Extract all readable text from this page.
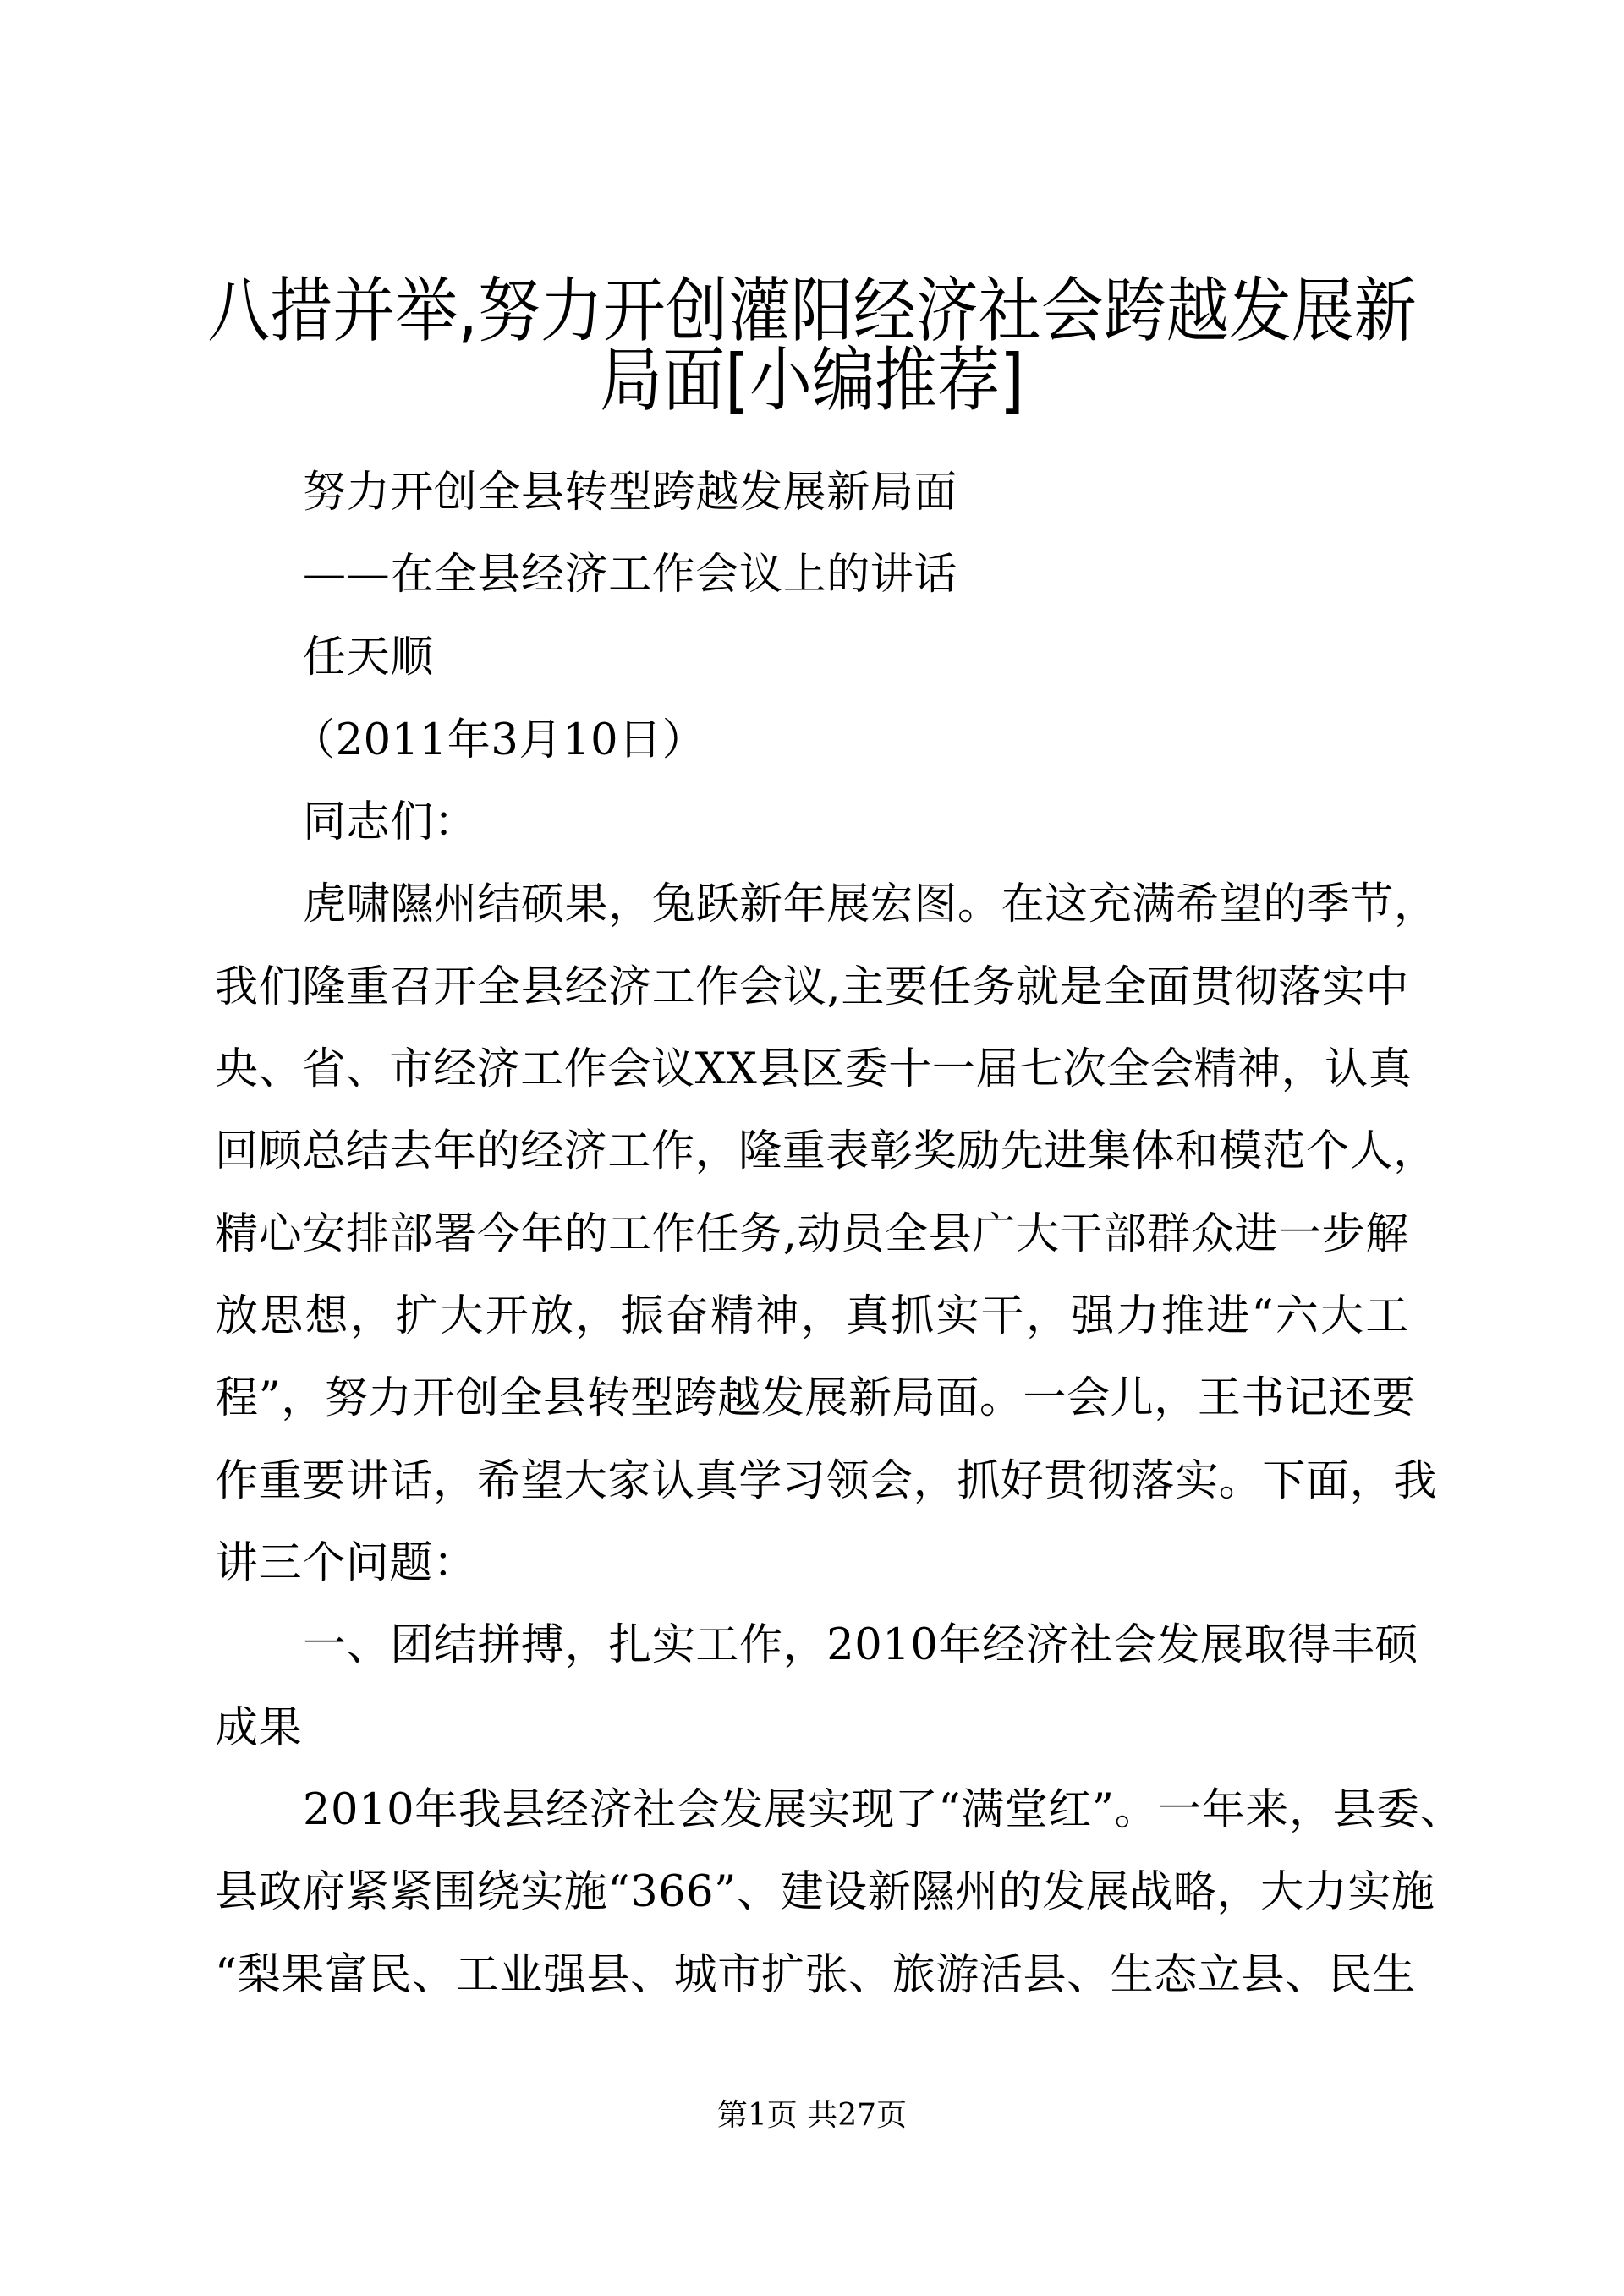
八措并举,努力开创灌阳经济社会跨越发展新
局面[小编推荐]
努力开创全县转型跨越发展新局面
——在全县经济工作会议上的讲话
任天顺
（2011年3月10日）
同志们：
虎啸隰州结硕果，兔跃新年展宏图。在这充满希望的季节，
我们隆重召开全县经济工作会议,主要任务就是全面贯彻落实中
央、省、市经济工作会议XX县区委十一届七次全会精神，认真
回顾总结去年的经济工作，隆重表彰奖励先进集体和模范个人，
精心安排部署今年的工作任务,动员全县广大干部群众进一步解
放思想，扩大开放，振奋精神，真抓实干，强力推进“六大工
程”，努力开创全县转型跨越发展新局面。一会儿，王书记还要
作重要讲话，希望大家认真学习领会，抓好贯彻落实。下面，我
讲三个问题：
一、团结拼搏，扎实工作，2010年经济社会发展取得丰硕
成果
2010年我县经济社会发展实现了“满堂红”。一年来，县委、
县政府紧紧围绕实施“366”、建设新隰州的发展战略，大力实施
“梨果富民、工业强县、城市扩张、旅游活县、生态立县、民生
第1页 共27页
